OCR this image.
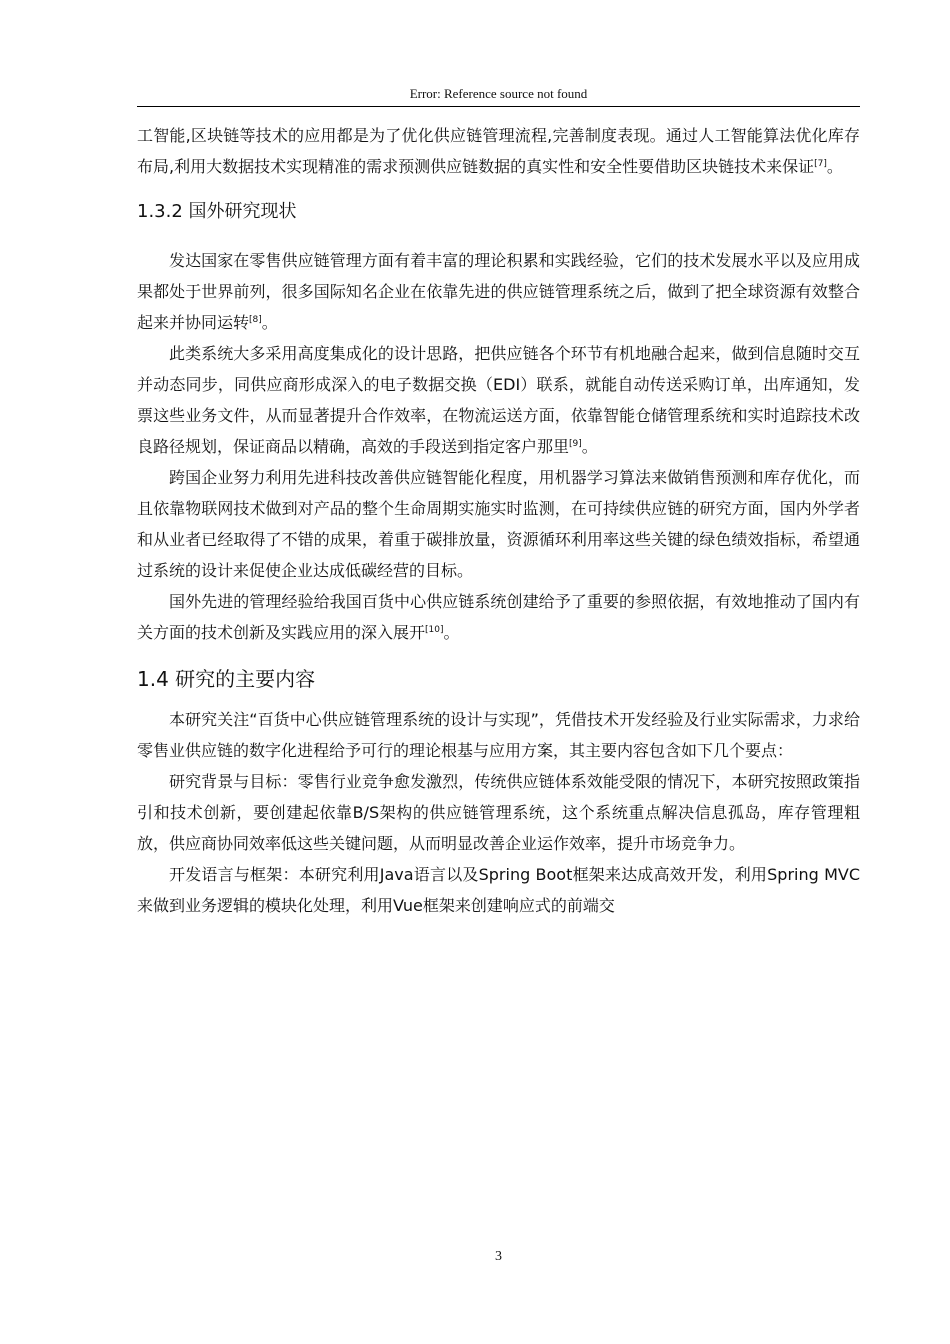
Error: Reference source not found

工智能,区块链等技术的应用都是为了优化供应链管理流程,完善制度表现。通过人工智能算法优化库存布局,利用大数据技术实现精准的需求预测供应链数据的真实性和安全性要借助区块链技术来保证[7]。

1.3.2 国外研究现状

发达国家在零售供应链管理方面有着丰富的理论积累和实践经验，它们的技术发展水平以及应用成果都处于世界前列，很多国际知名企业在依靠先进的供应链管理系统之后，做到了把全球资源有效整合起来并协同运转[8]。

此类系统大多采用高度集成化的设计思路，把供应链各个环节有机地融合起来，做到信息随时交互并动态同步，同供应商形成深入的电子数据交换（EDI）联系，就能自动传送采购订单，出库通知，发票这些业务文件，从而显著提升合作效率，在物流运送方面，依靠智能仓储管理系统和实时追踪技术改良路径规划，保证商品以精确，高效的手段送到指定客户那里[9]。

跨国企业努力利用先进科技改善供应链智能化程度，用机器学习算法来做销售预测和库存优化，而且依靠物联网技术做到对产品的整个生命周期实施实时监测，在可持续供应链的研究方面，国内外学者和从业者已经取得了不错的成果，着重于碳排放量，资源循环利用率这些关键的绿色绩效指标，希望通过系统的设计来促使企业达成低碳经营的目标。

国外先进的管理经验给我国百货中心供应链系统创建给予了重要的参照依据，有效地推动了国内有关方面的技术创新及实践应用的深入展开[10]。

1.4 研究的主要内容

本研究关注“百货中心供应链管理系统的设计与实现”，凭借技术开发经验及行业实际需求，力求给零售业供应链的数字化进程给予可行的理论根基与应用方案，其主要内容包含如下几个要点：

研究背景与目标：零售行业竞争愈发激烈，传统供应链体系效能受限的情况下，本研究按照政策指引和技术创新，要创建起依靠B/S架构的供应链管理系统，这个系统重点解决信息孤岛，库存管理粗放，供应商协同效率低这些关键问题，从而明显改善企业运作效率，提升市场竞争力。

开发语言与框架：本研究利用Java语言以及Spring Boot框架来达成高效开发，利用Spring MVC来做到业务逻辑的模块化处理，利用Vue框架来创建响应式的前端交

3
